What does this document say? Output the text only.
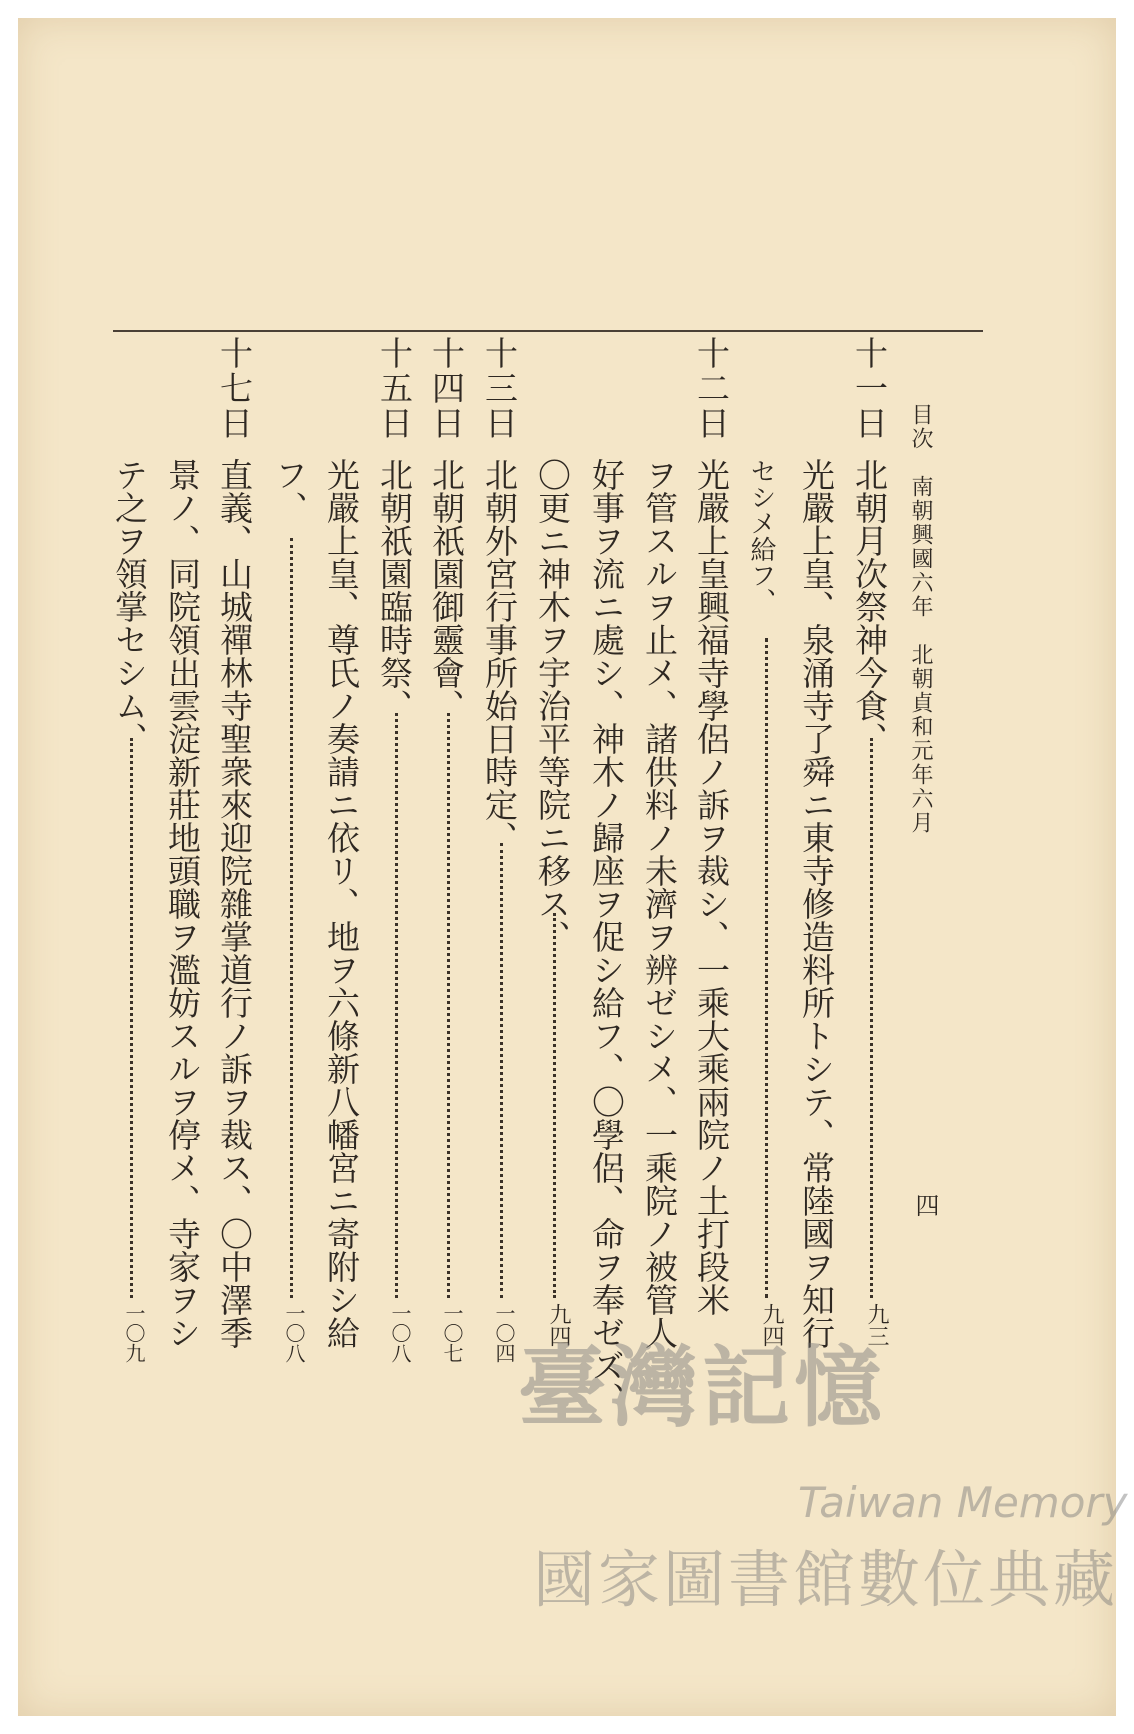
目次　南朝興國六年　北朝貞和元年六月
四
十一日
北朝月次祭神今食、
九三
光嚴上皇、泉涌寺了舜ニ東寺修造料所トシテ、常陸國ヲ知行
セシメ給フ、
九四
十二日
光嚴上皇興福寺學侶ノ訴ヲ裁シ、一乘大乘兩院ノ土打段米
ヲ管スルヲ止メ、諸供料ノ未濟ヲ辨ゼシメ、一乘院ノ被管人
好事ヲ流ニ處シ、神木ノ歸座ヲ促シ給フ、〇學侶、命ヲ奉ゼズ、
〇更ニ神木ヲ宇治平等院ニ移ス、
九四
十三日
北朝外宮行事所始日時定、
一〇四
十四日
北朝祇園御靈會、
一〇七
十五日
北朝祇園臨時祭、
一〇八
光嚴上皇、尊氏ノ奏請ニ依リ、地ヲ六條新八幡宮ニ寄附シ給
フ、
一〇八
十七日
直義、山城禪林寺聖衆來迎院雜掌道行ノ訴ヲ裁ス、〇中澤季
景ノ、同院領出雲淀新莊地頭職ヲ濫妨スルヲ停メ、寺家ヲシ
テ之ヲ領掌セシム、
一〇九
臺灣記憶
Taiwan Memory
國家圖書館數位典藏
